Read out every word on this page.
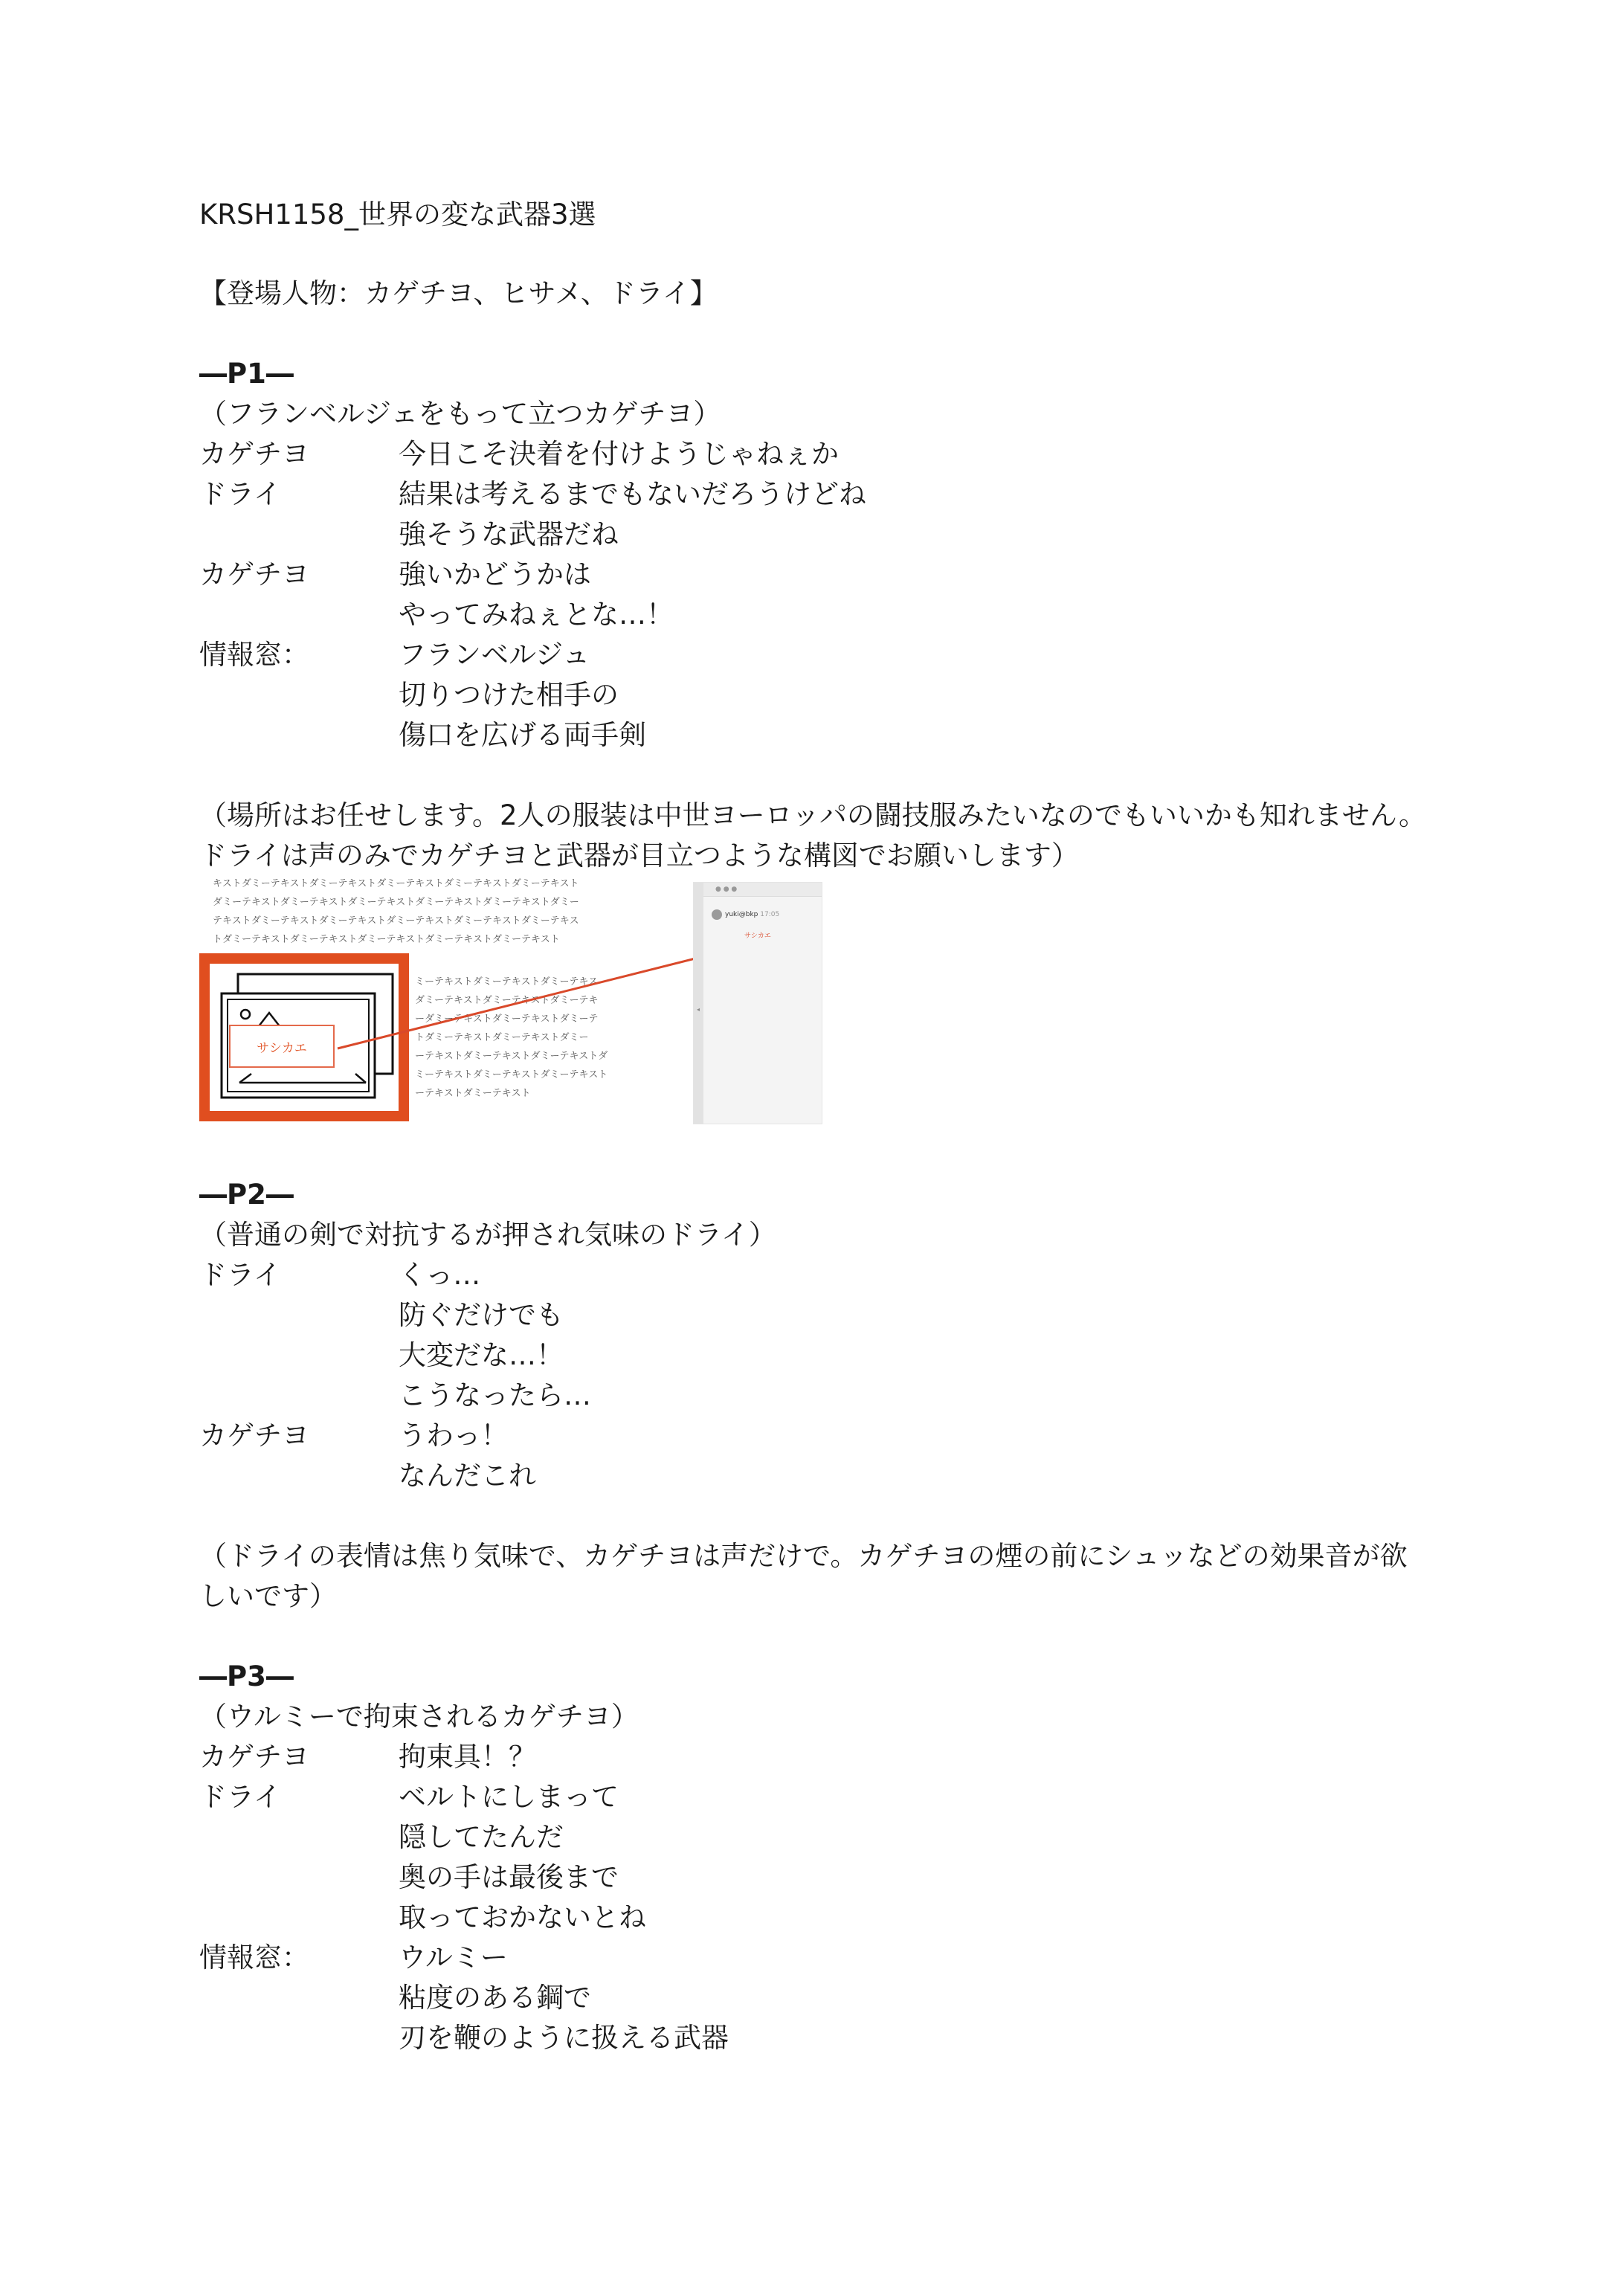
KRSH1158_世界の変な武器3選
【登場人物：カゲチヨ、ヒサメ、ドライ】
―P1―
（フランベルジェをもって立つカゲチヨ）
カゲチヨ	今日こそ決着を付けようじゃねぇか
ドライ	結果は考えるまでもないだろうけどね
強そうな武器だね
カゲチヨ	強いかどうかは
やってみねぇとな…！
情報窓：	フランベルジュ
切りつけた相手の
傷口を広げる両手剣
（場所はお任せします。2人の服装は中世ヨーロッパの闘技服みたいなのでもいいかも知れません。ドライは声のみでカゲチヨと武器が目立つような構図でお願いします）
キストダミーテキストダミーテキストダミーテキストダミーテキストダミーテキスト
ダミーテキストダミーテキストダミーテキストダミーテキストダミーテキストダミー
テキストダミーテキストダミーテキストダミーテキストダミーテキストダミーテキス
トダミーテキストダミーテキストダミーテキストダミーテキストダミーテキスト
ミーテキストダミーテキストダミーテキス
ダミーテキストダミーテキストダミーテキ
ーダミーテキストダミーテキストダミーテ
トダミーテキストダミーテキストダミー
ーテキストダミーテキストダミーテキストダ
ミーテキストダミーテキストダミーテキスト
ーテキストダミーテキスト
サシカエ
● ● ●
◂
yuki@bkp 17:05
サシカエ
―P2―
（普通の剣で対抗するが押され気味のドライ）
ドライ	くっ…
防ぐだけでも
大変だな…！
こうなったら…
カゲチヨ	うわっ！
なんだこれ
（ドライの表情は焦り気味で、カゲチヨは声だけで。カゲチヨの煙の前にシュッなどの効果音が欲しいです）
―P3―
（ウルミーで拘束されるカゲチヨ）
カゲチヨ	拘束具！？
ドライ	ベルトにしまって
隠してたんだ
奥の手は最後まで
取っておかないとね
情報窓：	ウルミー
粘度のある鋼で
刃を鞭のように扱える武器
